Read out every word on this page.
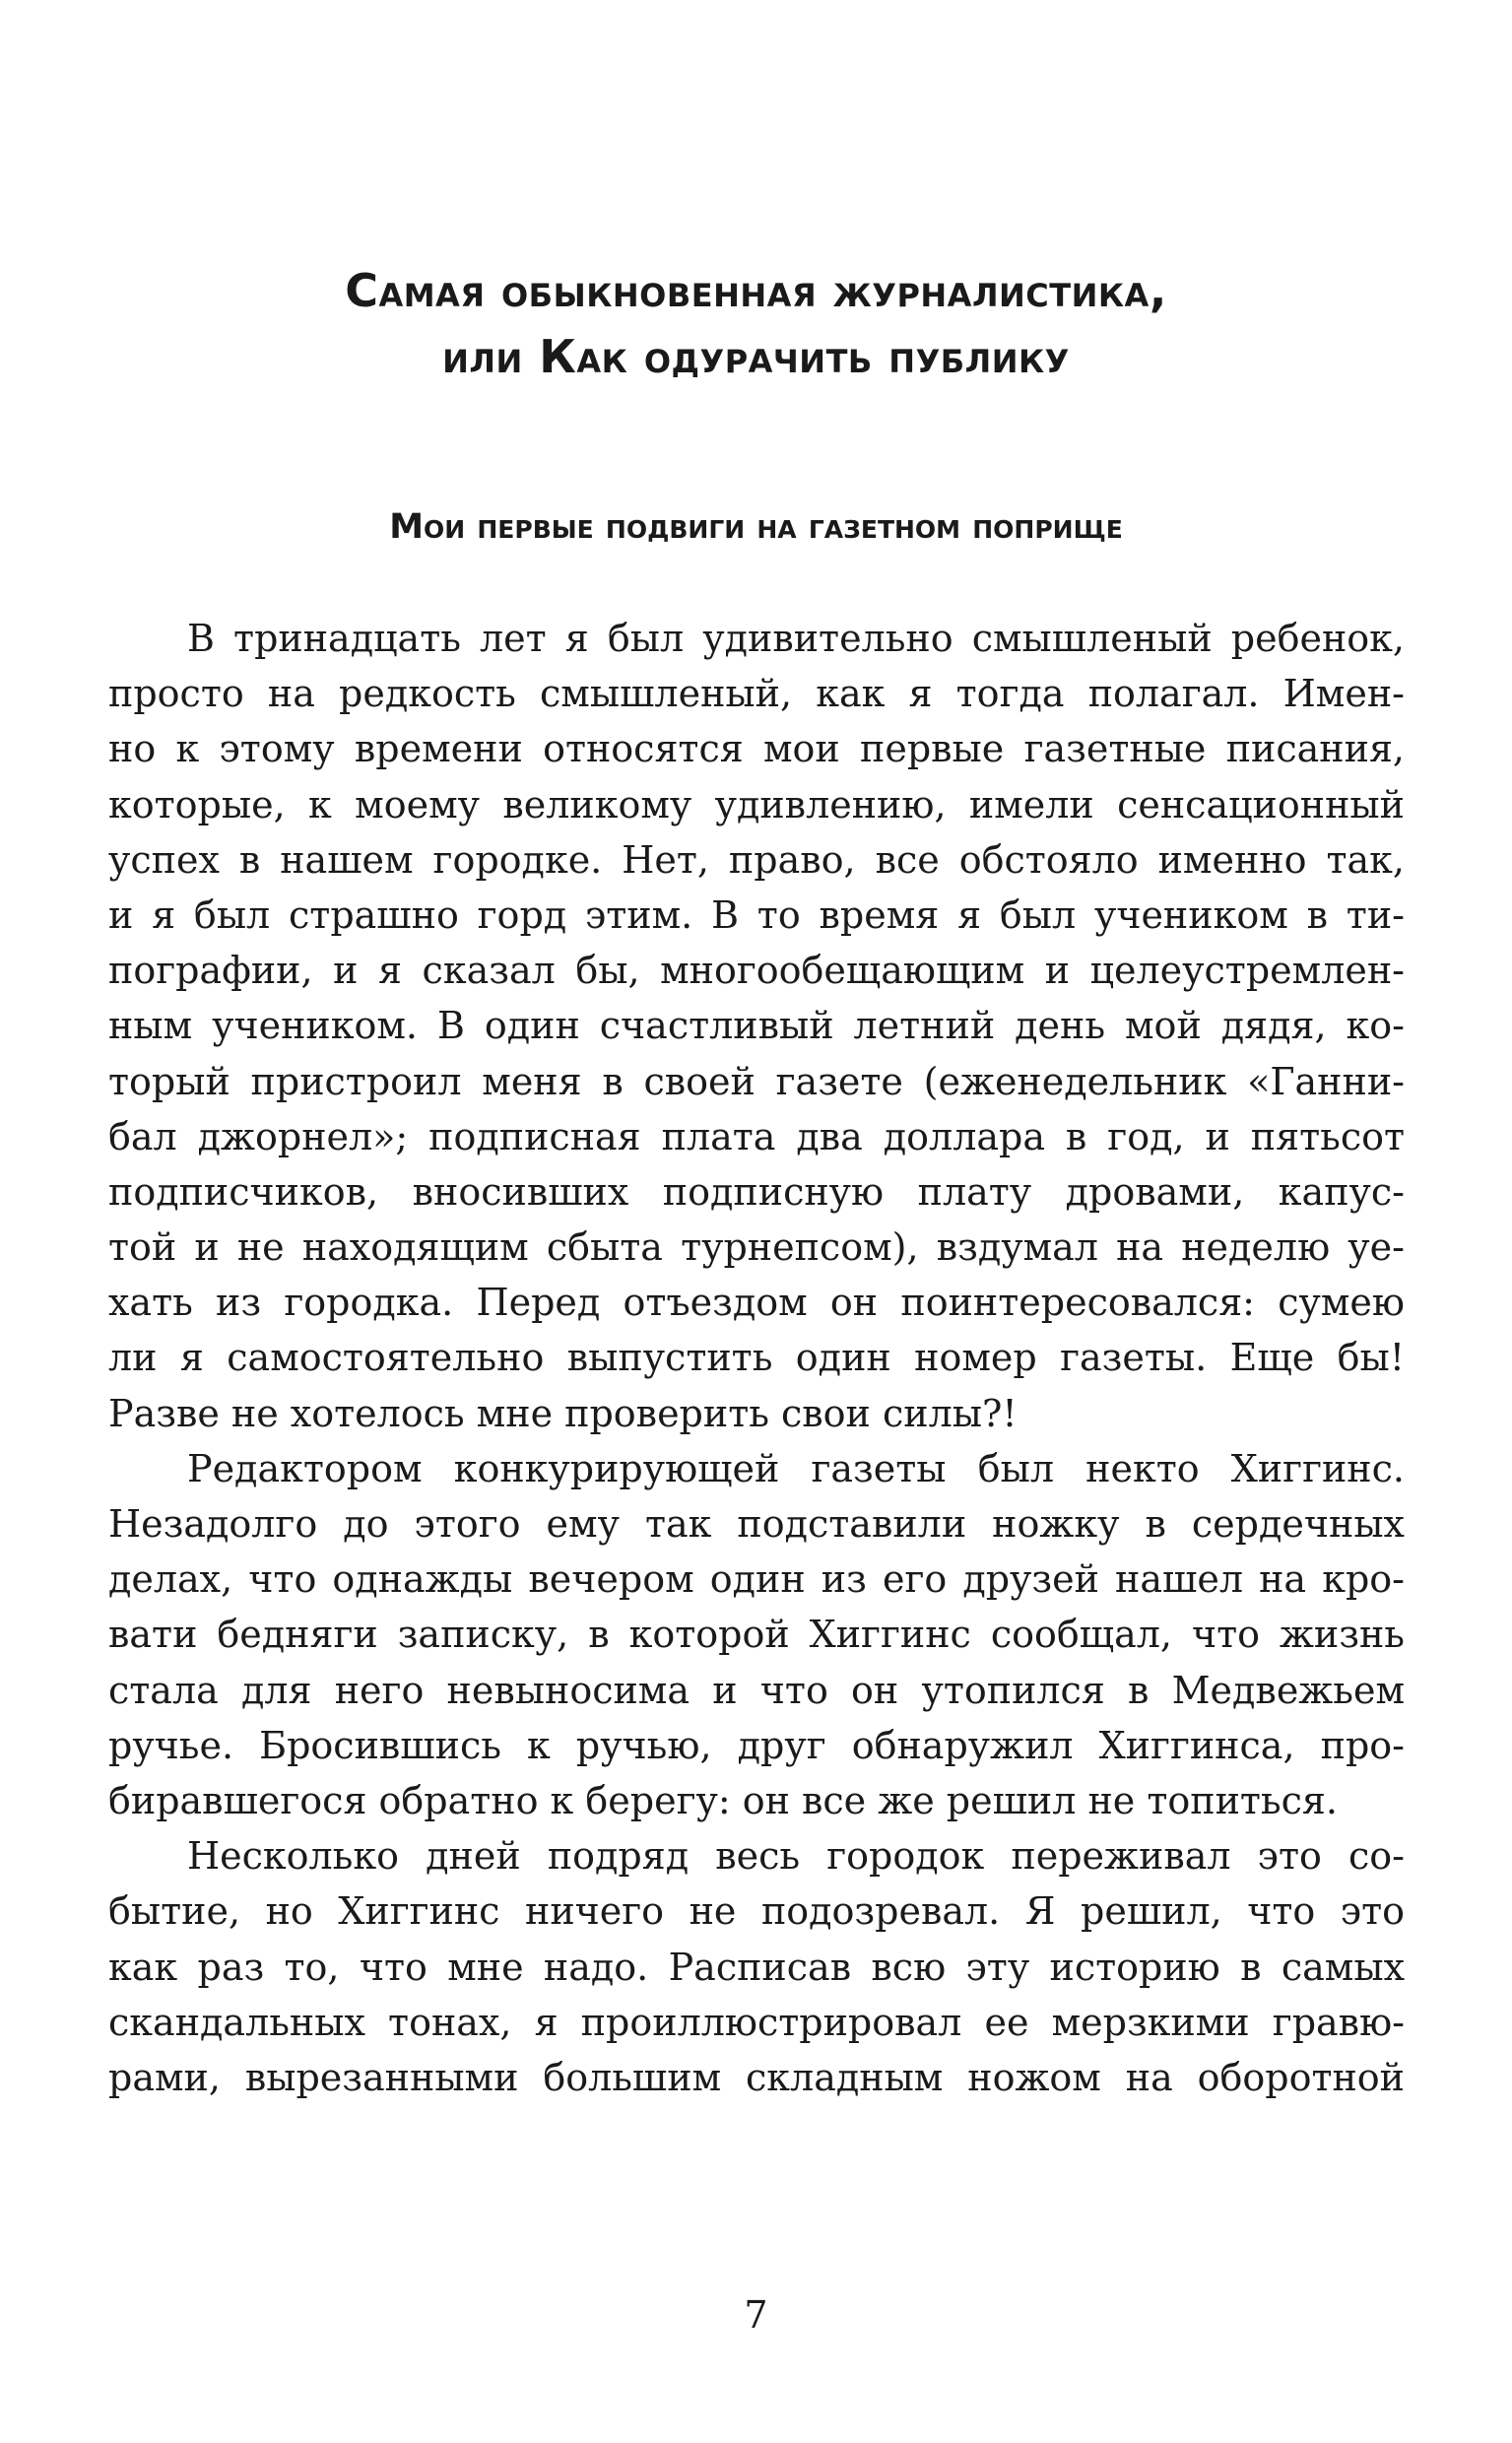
Самая обыкновенная журналистика,
или Как одурачить публику
Мои первые подвиги на газетном поприще
В тринадцать лет я был удивительно смышленый ребенок,
просто на редкость смышленый, как я тогда полагал. Имен-
но к этому времени относятся мои первые газетные писания,
которые, к моему великому удивлению, имели сенсационный
успех в нашем городке. Нет, право, все обстояло именно так,
и я был страшно горд этим. В то время я был учеником в ти-
пографии, и я сказал бы, многообещающим и целеустремлен-
ным учеником. В один счастливый летний день мой дядя, ко-
торый пристроил меня в своей газете (еженедельник «Ганни-
бал джорнел»; подписная плата два доллара в год, и пятьсот
подписчиков, вносивших подписную плату дровами, капус-
той и не находящим сбыта турнепсом), вздумал на неделю уе-
хать из городка. Перед отъездом он поинтересовался: сумею
ли я самостоятельно выпустить один номер газеты. Еще бы!
Разве не хотелось мне проверить свои силы?!
Редактором конкурирующей газеты был некто Хиггинс.
Незадолго до этого ему так подставили ножку в сердечных
делах, что однажды вечером один из его друзей нашел на кро-
вати бедняги записку, в которой Хиггинс сообщал, что жизнь
стала для него невыносима и что он утопился в Медвежьем
ручье. Бросившись к ручью, друг обнаружил Хиггинса, про-
биравшегося обратно к берегу: он все же решил не топиться.
Несколько дней подряд весь городок переживал это со-
бытие, но Хиггинс ничего не подозревал. Я решил, что это
как раз то, что мне надо. Расписав всю эту историю в самых
скандальных тонах, я проиллюстрировал ее мерзкими гравю-
рами, вырезанными большим складным ножом на оборотной
7
